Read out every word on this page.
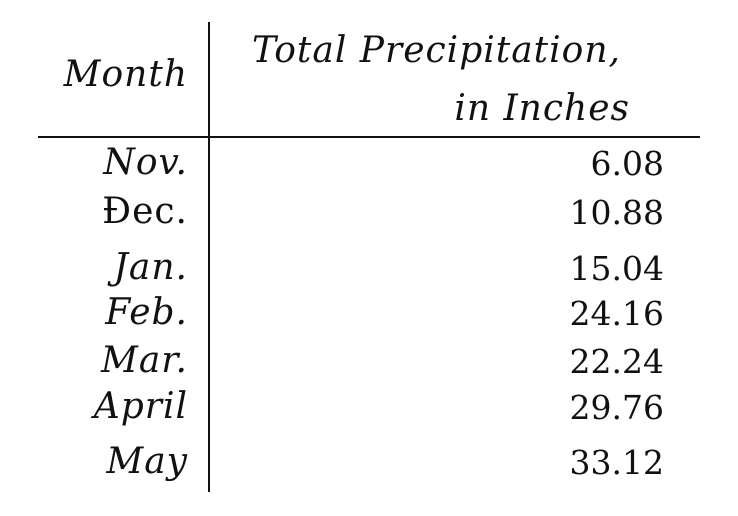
Month
Total Precipitation,
in Inches
Nov.	6.08
Đec.	10.88
Jan.	15.04
Feb.	24.16
Mar.	22.24
April	29.76
May	33.12
